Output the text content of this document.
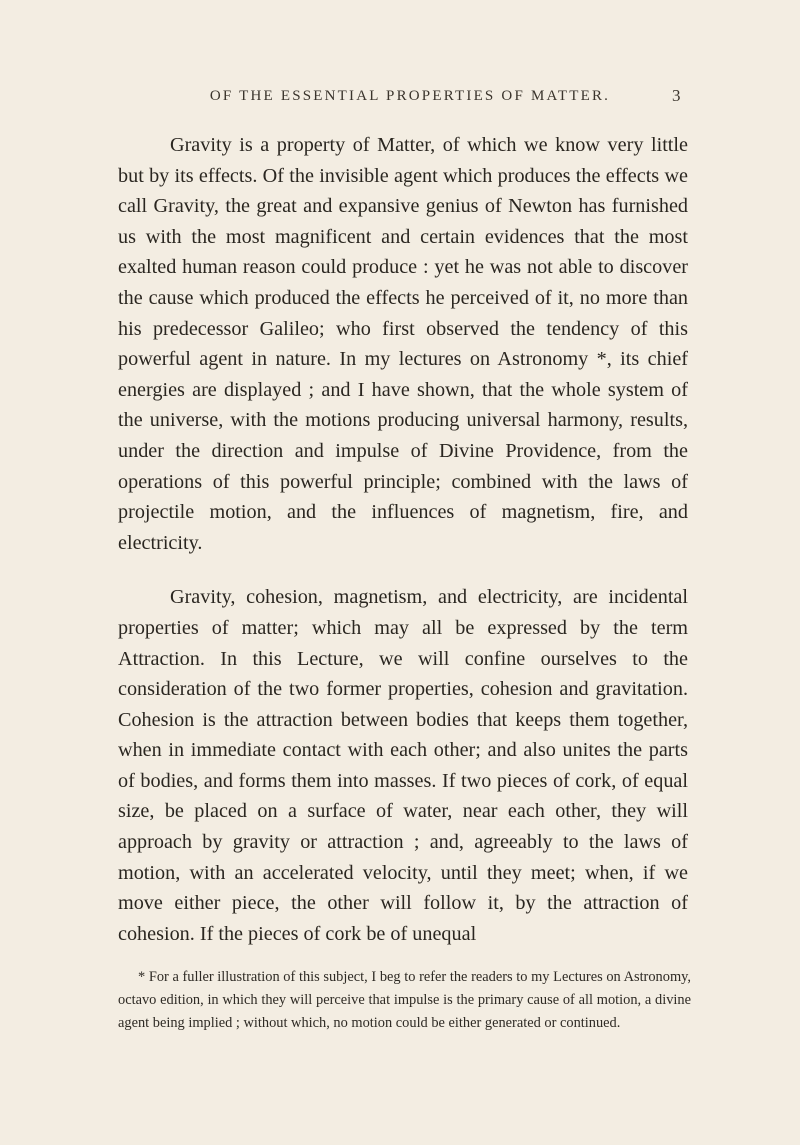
OF THE ESSENTIAL PROPERTIES OF MATTER.	3

Gravity is a property of Matter, of which we know very little but by its effects. Of the invisible agent which produces the effects we call Gravity, the great and expansive genius of Newton has furnished us with the most magnificent and certain evidences that the most exalted human reason could produce : yet he was not able to discover the cause which produced the effects he perceived of it, no more than his predecessor Galileo; who first observed the tendency of this powerful agent in nature. In my lectures on Astronomy *, its chief energies are displayed ; and I have shown, that the whole system of the universe, with the motions producing universal harmony, results, under the direction and impulse of Divine Providence, from the operations of this powerful principle; combined with the laws of projectile motion, and the influences of magnetism, fire, and electricity.

Gravity, cohesion, magnetism, and electricity, are incidental properties of matter; which may all be expressed by the term Attraction. In this Lecture, we will confine ourselves to the consideration of the two former properties, cohesion and gravitation. Cohesion is the attraction between bodies that keeps them together, when in immediate contact with each other; and also unites the parts of bodies, and forms them into masses. If two pieces of cork, of equal size, be placed on a surface of water, near each other, they will approach by gravity or attraction ; and, agreeably to the laws of motion, with an accelerated velocity, until they meet; when, if we move either piece, the other will follow it, by the attraction of cohesion. If the pieces of cork be of unequal

* For a fuller illustration of this subject, I beg to refer the readers to my Lectures on Astronomy, octavo edition, in which they will perceive that impulse is the primary cause of all motion, a divine agent being implied ; without which, no motion could be either generated or continued.
